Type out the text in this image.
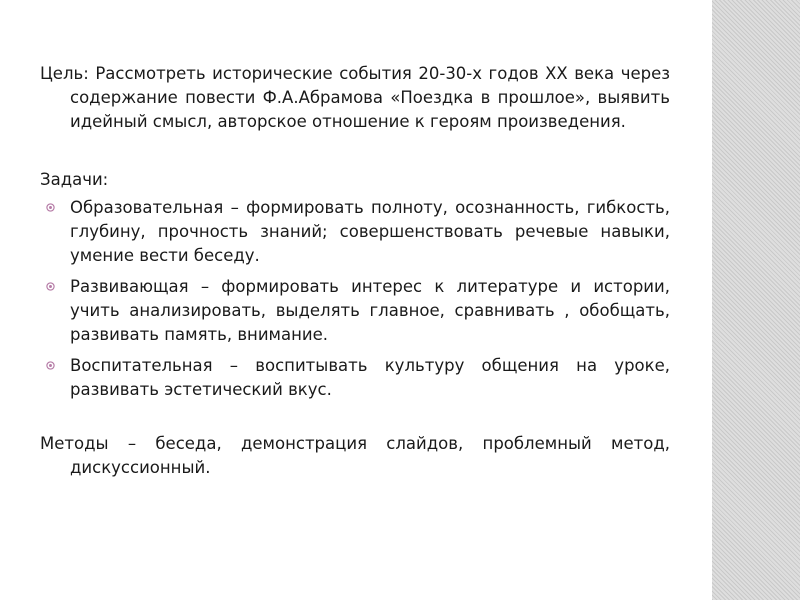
Цель: Рассмотреть исторические события 20-30-х годов XX века через содержание повести Ф.А.Абрамова «Поездка в прошлое», выявить идейный смысл, авторское отношение к героям произведения.
Задачи:
Образовательная – формировать полноту, осознанность, гибкость, глубину, прочность знаний; совершенствовать речевые навыки, умение вести беседу.
Развивающая – формировать интерес к литературе и истории, учить анализировать, выделять главное, сравнивать , обобщать, развивать память, внимание.
Воспитательная – воспитывать культуру общения на уроке, развивать эстетический вкус.
Методы – беседа, демонстрация слайдов, проблемный метод, дискуссионный.
